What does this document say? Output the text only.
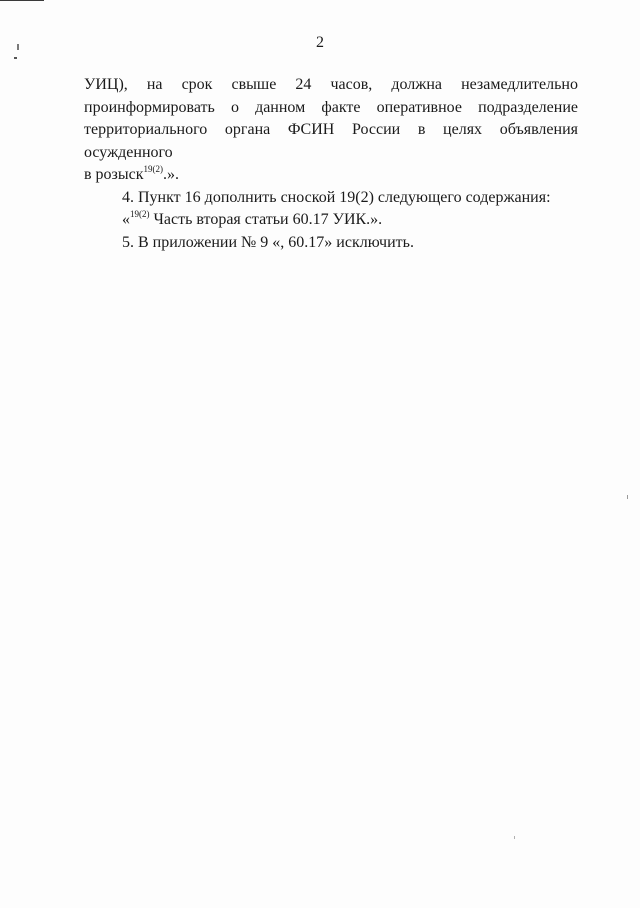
2
УИЦ), на срок свыше 24 часов, должна незамедлительно
проинформировать о данном факте оперативное подразделение
территориального органа ФСИН России в целях объявления осужденного
в розыск$^{19(2)}$.».

4. Пункт 16 дополнить сноской 19(2) следующего содержания:

«$^{19(2)}$ Часть вторая статьи 60.17 УИК.».

5. В приложении № 9 «, 60.17» исключить.
